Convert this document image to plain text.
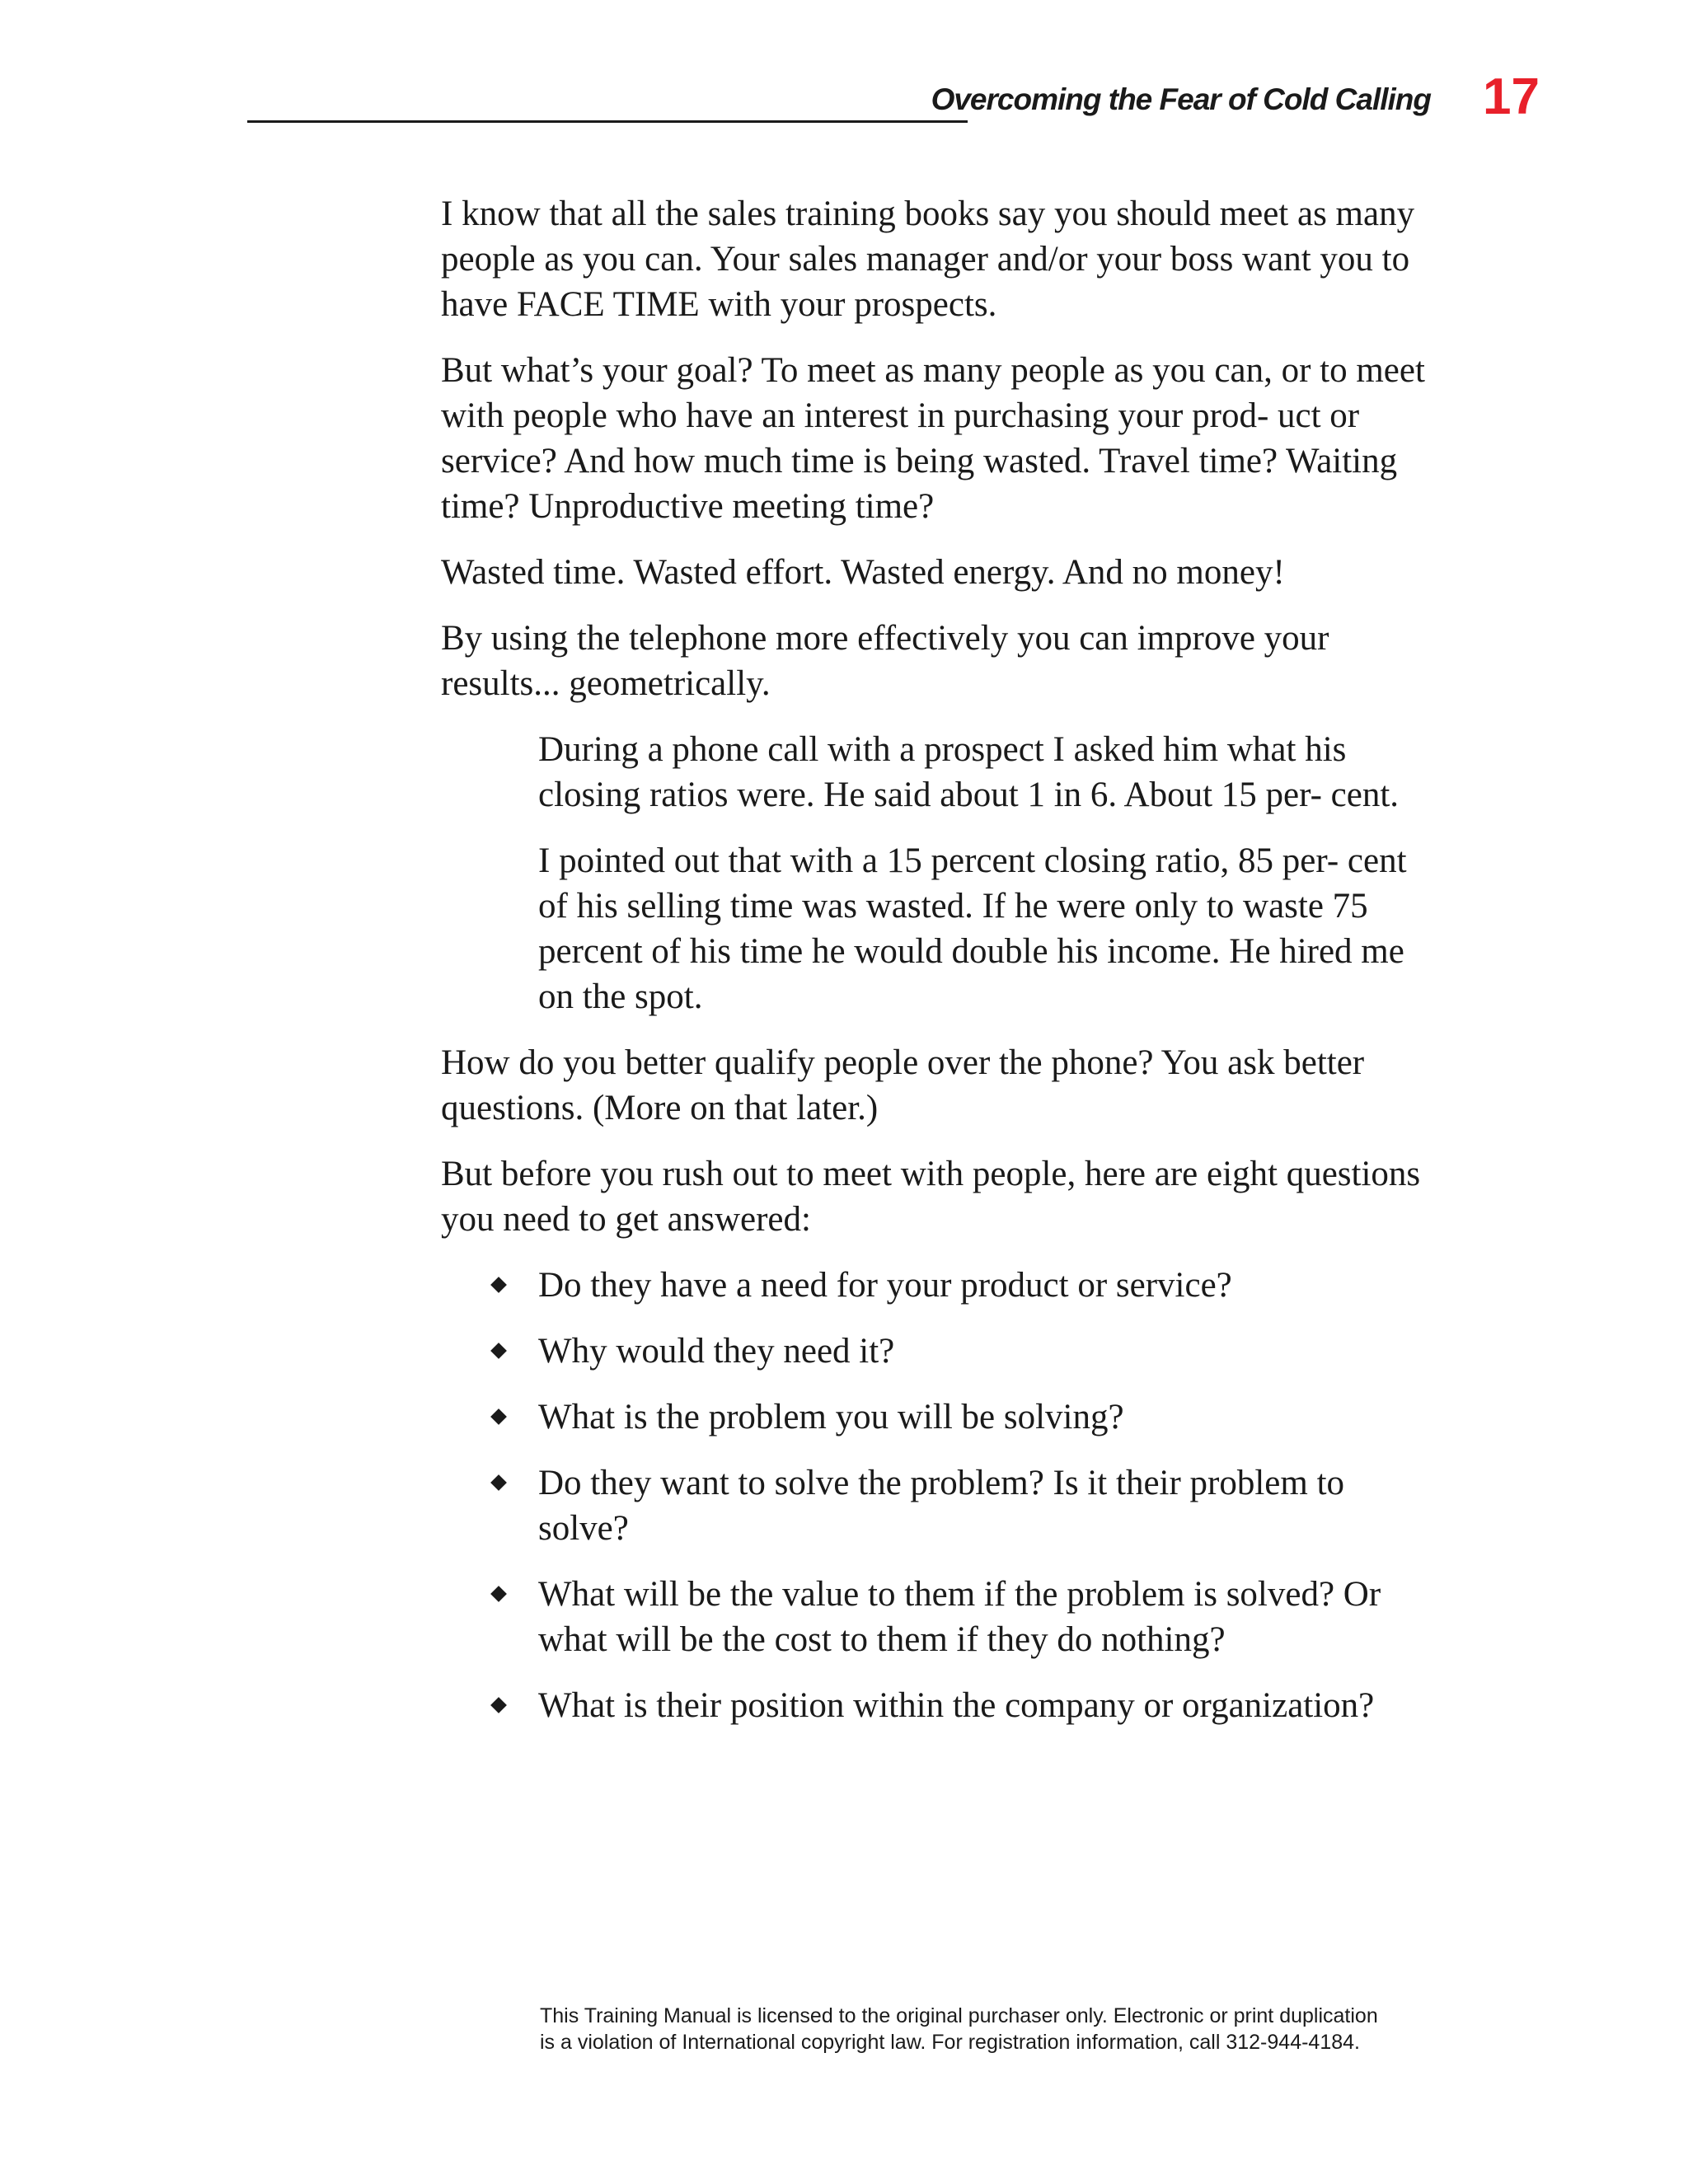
Overcoming the Fear of Cold Calling 17

I know that all the sales training books say you should meet as many people as you can. Your sales manager and/or your boss want you to have FACE TIME with your prospects.

But what’s your goal? To meet as many people as you can, or to meet with people who have an interest in purchasing your prod- uct or service? And how much time is being wasted. Travel time? Waiting time? Unproductive meeting time?

Wasted time. Wasted effort. Wasted energy. And no money!

By using the telephone more effectively you can improve your results... geometrically.

During a phone call with a prospect I asked him what his closing ratios were. He said about 1 in 6. About 15 per- cent.

I pointed out that with a 15 percent closing ratio, 85 per- cent of his selling time was wasted. If he were only to waste 75 percent of his time he would double his income. He hired me on the spot.

How do you better qualify people over the phone? You ask better questions. (More on that later.)

But before you rush out to meet with people, here are eight questions you need to get answered:

Do they have a need for your product or service?
Why would they need it?
What is the problem you will be solving?
Do they want to solve the problem? Is it their problem to solve?
What will be the value to them if the problem is solved? Or what will be the cost to them if they do nothing?
What is their position within the company or organization?
This Training Manual is licensed to the original purchaser only. Electronic or print duplication
is a violation of International copyright law. For registration information, call 312-944-4184.
